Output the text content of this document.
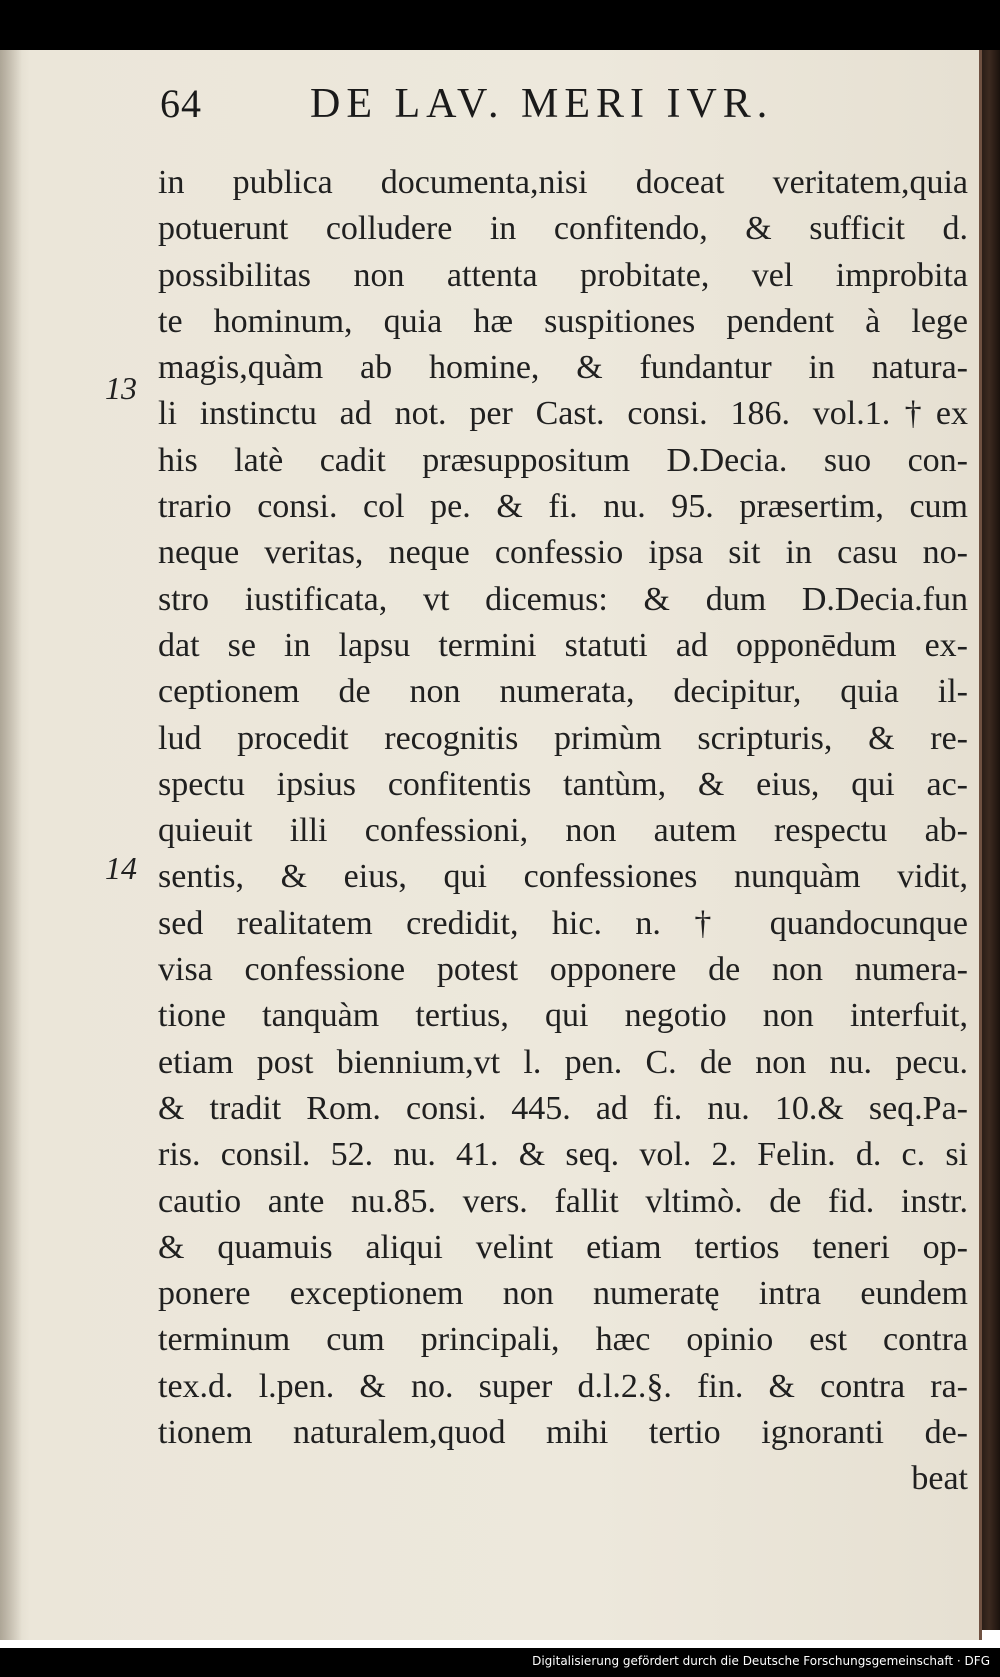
64	DE LAV. MERI IVR.
13
14
in publica documenta,nisi doceat veritatem,quia
potuerunt colludere in confitendo, & sufficit d.
possibilitas non attenta probitate, vel improbita
te hominum, quia hæ suspitiones pendent à lege
magis,quàm ab homine, & fundantur in natura-
li instinctu ad not. per Cast. consi. 186. vol.1.†ex
his latè cadit præsuppositum D.Decia. suo con-
trario consi. col pe. & fi. nu. 95. præsertim, cum
neque veritas, neque confessio ipsa sit in casu no-
stro iustificata, vt dicemus: & dum D.Decia.fun
dat se in lapsu termini statuti ad opponēdum ex-
ceptionem de non numerata, decipitur, quia il-
lud procedit recognitis primùm scripturis, & re-
spectu ipsius confitentis tantùm, & eius, qui ac-
quieuit illi confessioni, non autem respectu ab-
sentis, & eius, qui confessiones nunquàm vidit,
sed realitatem credidit, hic. n. † quandocunque
visa confessione potest opponere de non numera-
tione tanquàm tertius, qui negotio non interfuit,
etiam post biennium,vt l. pen. C. de non nu. pecu.
& tradit Rom. consi. 445. ad fi. nu. 10.& seq.Pa-
ris. consil. 52. nu. 41. & seq. vol. 2. Felin. d. c. si
cautio ante nu.85. vers. fallit vltimò. de fid. instr.
& quamuis aliqui velint etiam tertios teneri op-
ponere exceptionem non numeratę intra eundem
terminum cum principali, hæc opinio est contra
tex.d. l.pen. & no. super d.l.2.§. fin. & contra ra-
tionem naturalem,quod mihi tertio ignoranti de-
beat
Digitalisierung gefördert durch die Deutsche Forschungsgemeinschaft · DFG
